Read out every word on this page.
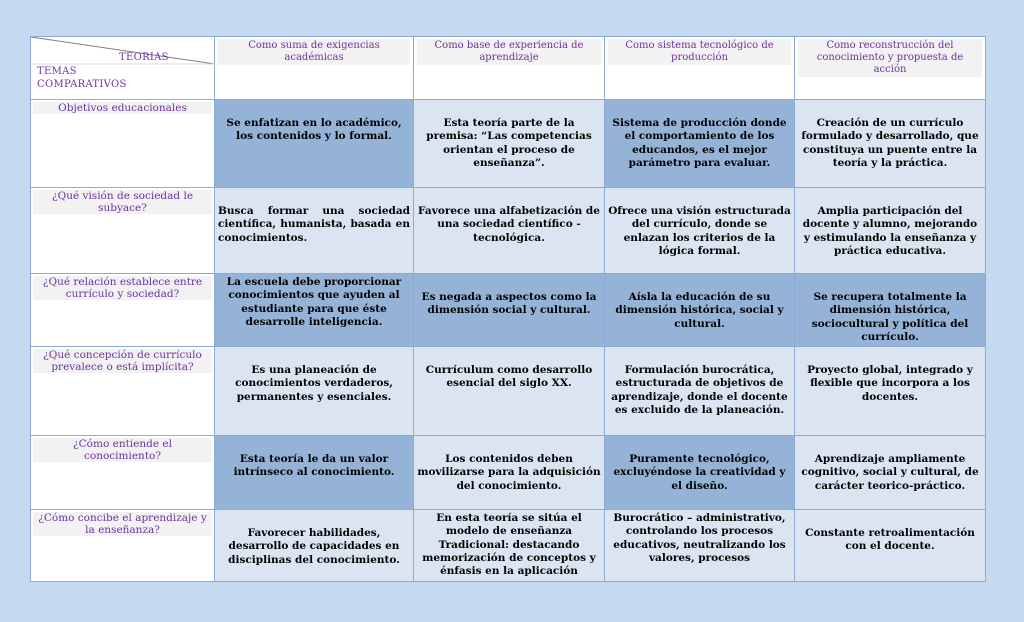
TEORIAS
TEMAS
COMPARATIVOS	Como suma de exigencias académicas	Como base de experiencia de aprendizaje	Como sistema tecnológico de producción	Como reconstrucción del conocimiento y propuesta de acción

Objetivos educacionales	Se enfatizan en lo académico, los contenidos y lo formal.	Esta teoría parte de la premisa: “Las competencias orientan el proceso de enseñanza”.	Sistema de producción donde el comportamiento de los educandos, es el mejor parámetro para evaluar.	Creación de un currículo formulado y desarrollado, que constituya un puente entre la teoría y la práctica.

¿Qué visión de sociedad le subyace?	Busca formar una sociedad científica, humanista, basada en conocimientos.	Favorece una alfabetización de una sociedad científico - tecnológica.	Ofrece una visión estructurada del currículo, donde se enlazan los criterios de la lógica formal.	Amplia participación del docente y alumno, mejorando y estimulando la enseñanza y práctica educativa.

¿Qué relación establece entre currículo y sociedad?	La escuela debe proporcionar conocimientos que ayuden al estudiante para que éste desarrolle inteligencia.	Es negada a aspectos como la dimensión social y cultural.	Aísla la educación de su dimensión histórica, social y cultural.	Se recupera totalmente la dimensión histórica, sociocultural y política del currículo.

¿Qué concepción de currículo prevalece o está implícita?	Es una planeación de conocimientos verdaderos, permanentes y esenciales.	Currículum como desarrollo esencial del siglo XX.	Formulación burocrática, estructurada de objetivos de aprendizaje, donde el docente es excluido de la planeación.	Proyecto global, integrado y flexible que incorpora a los docentes.

¿Cómo entiende el conocimiento?	Esta teoría le da un valor intrínseco al conocimiento.	Los contenidos deben movilizarse para la adquisición del conocimiento.	Puramente tecnológico, excluyéndose la creatividad y el diseño.	Aprendizaje ampliamente cognitivo, social y cultural, de carácter teorico-práctico.

¿Cómo concibe el aprendizaje y la enseñanza?	Favorecer habilidades, desarrollo de capacidades en disciplinas del conocimiento.	En esta teoría se sitúa el modelo de enseñanza Tradicional: destacando memorización de conceptos y énfasis en la aplicación	Burocrático – administrativo, controlando los procesos educativos, neutralizando los valores, procesos	Constante retroalimentación con el docente.
